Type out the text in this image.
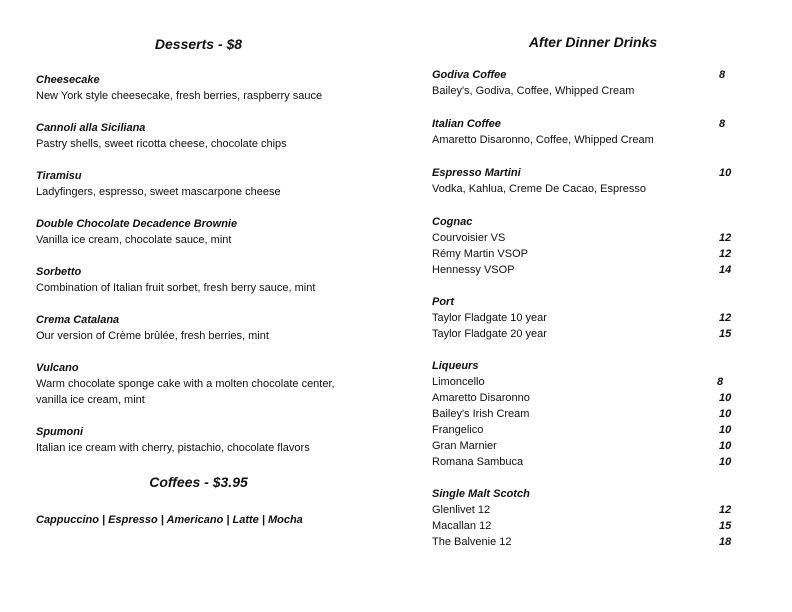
Desserts - $8
Cheesecake
New York style cheesecake, fresh berries, raspberry sauce
Cannoli alla Siciliana
Pastry shells, sweet ricotta cheese, chocolate chips
Tiramisu
Ladyfingers, espresso, sweet mascarpone cheese
Double Chocolate Decadence Brownie
Vanilla ice cream, chocolate sauce, mint
Sorbetto
Combination of Italian fruit sorbet, fresh berry sauce, mint
Crema Catalana
Our version of Crème brûlée, fresh berries, mint
Vulcano
Warm chocolate sponge cake with a molten chocolate center, vanilla ice cream, mint
Spumoni
Italian ice cream with cherry, pistachio, chocolate flavors
Coffees - $3.95
Cappuccino | Espresso | Americano | Latte | Mocha
After Dinner Drinks
Godiva Coffee	8
Bailey's, Godiva, Coffee, Whipped Cream
Italian Coffee	8
Amaretto Disaronno, Coffee, Whipped Cream
Espresso Martini	10
Vodka, Kahlua, Creme De Cacao, Espresso
Cognac
Courvoisier VS	12
Rémy Martin VSOP	12
Hennessy VSOP	14
Port
Taylor Fladgate 10 year	12
Taylor Fladgate 20 year	15
Liqueurs
Limoncello	8
Amaretto Disaronno	10
Bailey's Irish Cream	10
Frangelico	10
Gran Marnier	10
Romana Sambuca	10
Single Malt Scotch
Glenlivet 12	12
Macallan 12	15
The Balvenie 12	18
